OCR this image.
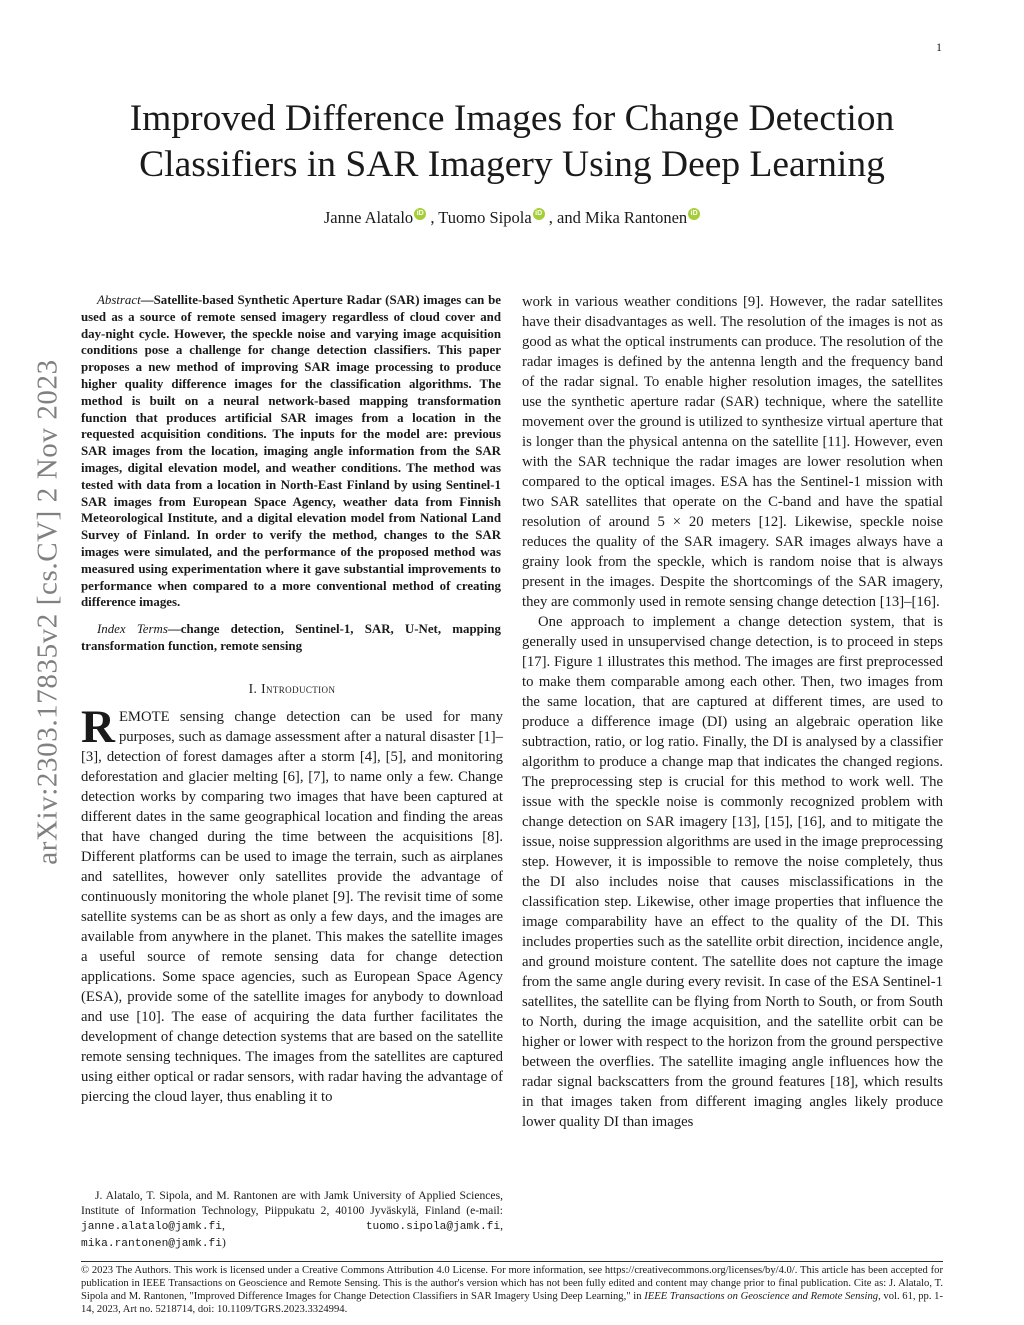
1
arXiv:2303.17835v2 [cs.CV] 2 Nov 2023
Improved Difference Images for Change Detection
Classifiers in SAR Imagery Using Deep Learning
Janne Alatalo iD , Tuomo Sipola iD , and Mika Rantonen iD

Abstract—Satellite-based Synthetic Aperture Radar (SAR) images can be used as a source of remote sensed imagery regardless of cloud cover and day-night cycle. However, the speckle noise and varying image acquisition conditions pose a challenge for change detection classifiers. This paper proposes a new method of improving SAR image processing to produce higher quality difference images for the classification algorithms. The method is built on a neural network-based mapping transformation function that produces artificial SAR images from a location in the requested acquisition conditions. The inputs for the model are: previous SAR images from the location, imaging angle information from the SAR images, digital elevation model, and weather conditions. The method was tested with data from a location in North-East Finland by using Sentinel-1 SAR images from European Space Agency, weather data from Finnish Meteorological Institute, and a digital elevation model from National Land Survey of Finland. In order to verify the method, changes to the SAR images were simulated, and the performance of the proposed method was measured using experimentation where it gave substantial improvements to performance when compared to a more conventional method of creating difference images.

Index Terms—change detection, Sentinel-1, SAR, U-Net, mapping transformation function, remote sensing

I. Introduction

REMOTE sensing change detection can be used for many purposes, such as damage assessment after a natural disaster [1]–[3], detection of forest damages after a storm [4], [5], and monitoring deforestation and glacier melting [6], [7], to name only a few. Change detection works by comparing two images that have been captured at different dates in the same geographical location and finding the areas that have changed during the time between the acquisitions [8]. Different platforms can be used to image the terrain, such as airplanes and satellites, however only satellites provide the advantage of continuously monitoring the whole planet [9]. The revisit time of some satellite systems can be as short as only a few days, and the images are available from anywhere in the planet. This makes the satellite images a useful source of remote sensing data for change detection applications. Some space agencies, such as European Space Agency (ESA), provide some of the satellite images for anybody to download and use [10]. The ease of acquiring the data further facilitates the development of change detection systems that are based on the satellite remote sensing techniques. The images from the satellites are captured using either optical or radar sensors, with radar having the advantage of piercing the cloud layer, thus enabling it to

J. Alatalo, T. Sipola, and M. Rantonen are with Jamk University of Applied Sciences, Institute of Information Technology, Piippukatu 2, 40100 Jyväskylä, Finland (e-mail: janne.alatalo@jamk.fi, tuomo.sipola@jamk.fi, mika.rantonen@jamk.fi)

work in various weather conditions [9]. However, the radar satellites have their disadvantages as well. The resolution of the images is not as good as what the optical instruments can produce. The resolution of the radar images is defined by the antenna length and the frequency band of the radar signal. To enable higher resolution images, the satellites use the synthetic aperture radar (SAR) technique, where the satellite movement over the ground is utilized to synthesize virtual aperture that is longer than the physical antenna on the satellite [11]. However, even with the SAR technique the radar images are lower resolution when compared to the optical images. ESA has the Sentinel-1 mission with two SAR satellites that operate on the C-band and have the spatial resolution of around 5 × 20 meters [12]. Likewise, speckle noise reduces the quality of the SAR imagery. SAR images always have a grainy look from the speckle, which is random noise that is always present in the images. Despite the shortcomings of the SAR imagery, they are commonly used in remote sensing change detection [13]–[16].

One approach to implement a change detection system, that is generally used in unsupervised change detection, is to proceed in steps [17]. Figure 1 illustrates this method. The images are first preprocessed to make them comparable among each other. Then, two images from the same location, that are captured at different times, are used to produce a difference image (DI) using an algebraic operation like subtraction, ratio, or log ratio. Finally, the DI is analysed by a classifier algorithm to produce a change map that indicates the changed regions. The preprocessing step is crucial for this method to work well. The issue with the speckle noise is commonly recognized problem with change detection on SAR imagery [13], [15], [16], and to mitigate the issue, noise suppression algorithms are used in the image preprocessing step. However, it is impossible to remove the noise completely, thus the DI also includes noise that causes misclassifications in the classification step. Likewise, other image properties that influence the image comparability have an effect to the quality of the DI. This includes properties such as the satellite orbit direction, incidence angle, and ground moisture content. The satellite does not capture the image from the same angle during every revisit. In case of the ESA Sentinel-1 satellites, the satellite can be flying from North to South, or from South to North, during the image acquisition, and the satellite orbit can be higher or lower with respect to the horizon from the ground perspective between the overflies. The satellite imaging angle influences how the radar signal backscatters from the ground features [18], which results in that images taken from different imaging angles likely produce lower quality DI than images

© 2023 The Authors. This work is licensed under a Creative Commons Attribution 4.0 License. For more information, see https://creativecommons.org/licenses/by/4.0/. This article has been accepted for publication in IEEE Transactions on Geoscience and Remote Sensing. This is the author's version which has not been fully edited and content may change prior to final publication. Cite as: J. Alatalo, T. Sipola and M. Rantonen, "Improved Difference Images for Change Detection Classifiers in SAR Imagery Using Deep Learning," in IEEE Transactions on Geoscience and Remote Sensing, vol. 61, pp. 1-14, 2023, Art no. 5218714, doi: 10.1109/TGRS.2023.3324994.
